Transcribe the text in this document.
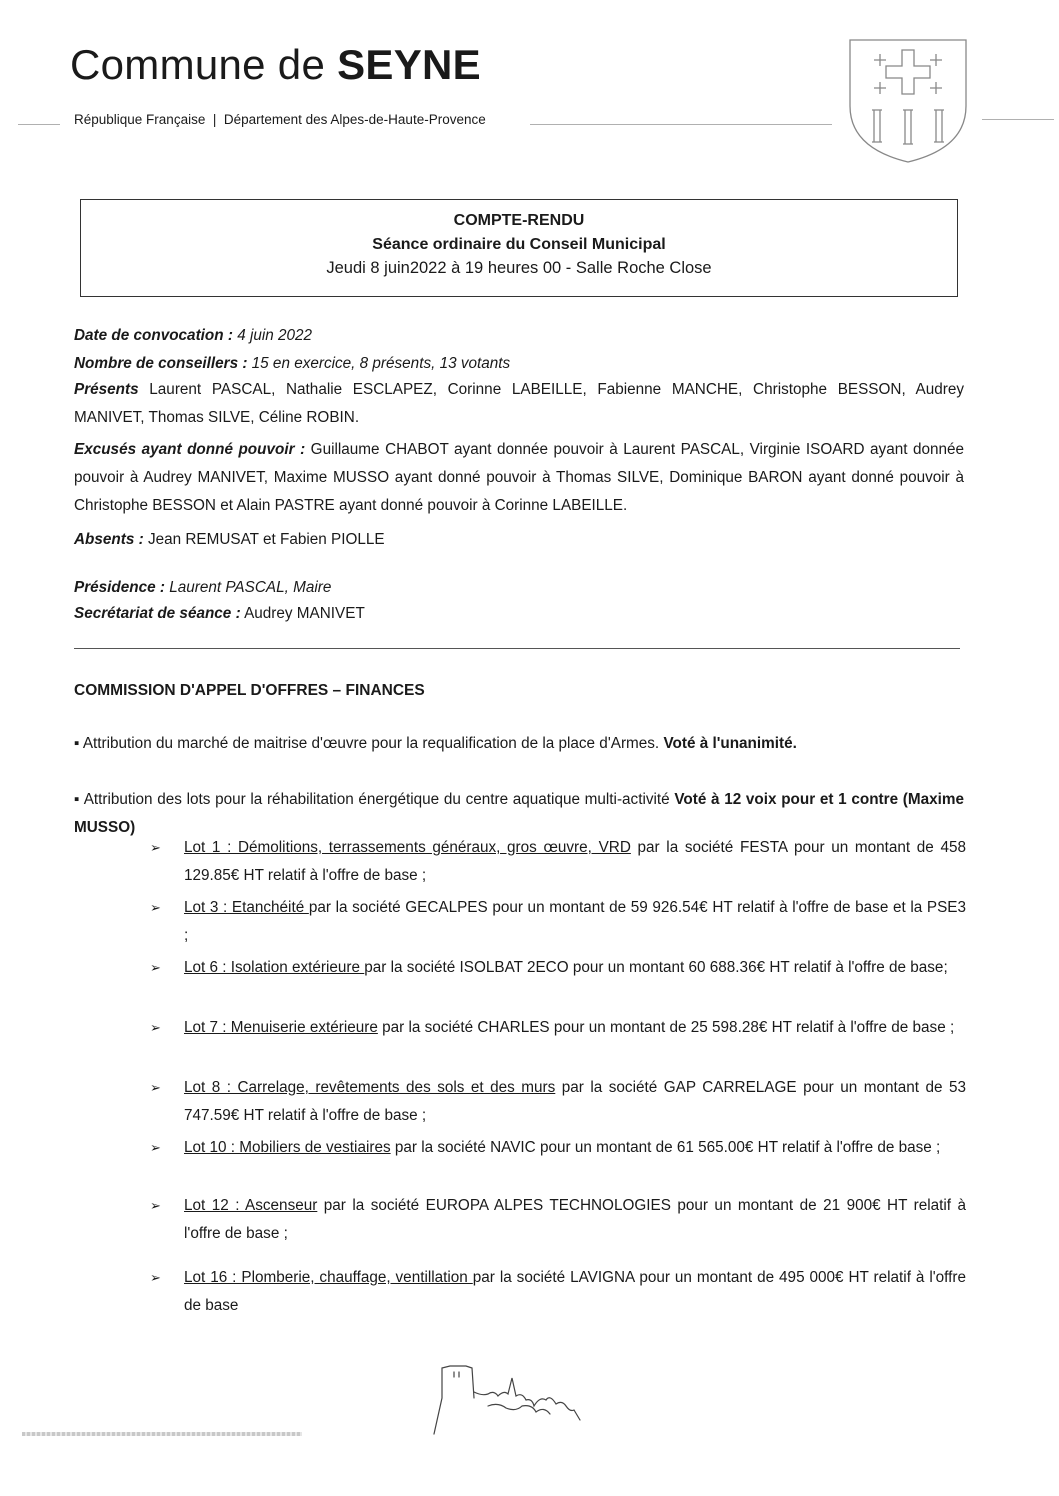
Commune de SEYNE
République Française  |  Département des Alpes-de-Haute-Provence
COMPTE-RENDU
Séance ordinaire du Conseil Municipal
Jeudi 8 juin2022 à 19 heures 00 - Salle Roche Close
Date de convocation : 4 juin 2022
Nombre de conseillers : 15 en exercice, 8 présents, 13 votants
Présents Laurent PASCAL, Nathalie ESCLAPEZ, Corinne LABEILLE, Fabienne MANCHE, Christophe BESSON, Audrey MANIVET, Thomas SILVE, Céline ROBIN.
Excusés ayant donné pouvoir : Guillaume CHABOT ayant donnée pouvoir à Laurent PASCAL, Virginie ISOARD ayant donnée pouvoir à Audrey MANIVET, Maxime MUSSO ayant donné pouvoir à Thomas SILVE, Dominique BARON ayant donné pouvoir à Christophe BESSON et Alain PASTRE ayant donné pouvoir à Corinne LABEILLE.
Absents : Jean REMUSAT et Fabien PIOLLE
Présidence : Laurent PASCAL, Maire
Secrétariat de séance : Audrey MANIVET
COMMISSION D'APPEL D'OFFRES – FINANCES
▪ Attribution du marché de maitrise d'œuvre pour la requalification de la place d'Armes. Voté à l'unanimité.
▪ Attribution des lots pour la réhabilitation énergétique du centre aquatique multi-activité Voté à 12 voix pour et 1 contre (Maxime MUSSO)
➢	Lot 1 : Démolitions, terrassements généraux, gros œuvre, VRD par la société FESTA pour un montant de 458 129.85€ HT relatif à l'offre de base ;
➢	Lot 3 : Etanchéité par la société GECALPES pour un montant de 59 926.54€ HT relatif à l'offre de base et la PSE3 ;
➢	Lot 6 : Isolation extérieure par la société ISOLBAT 2ECO pour un montant 60 688.36€ HT relatif à l'offre de base;
➢	Lot 7 : Menuiserie extérieure par la société CHARLES pour un montant de 25 598.28€ HT relatif à l'offre de base ;
➢	Lot 8 : Carrelage, revêtements des sols et des murs par la société GAP CARRELAGE pour un montant de 53 747.59€ HT relatif à l'offre de base ;
➢	Lot 10 : Mobiliers de vestiaires par la société NAVIC pour un montant de 61 565.00€ HT relatif à l'offre de base ;
➢	Lot 12 : Ascenseur par la société EUROPA ALPES TECHNOLOGIES pour un montant de 21 900€ HT relatif à l'offre de base ;
➢	Lot 16 : Plomberie, chauffage, ventillation par la société LAVIGNA pour un montant de 495 000€ HT relatif à l'offre de base
